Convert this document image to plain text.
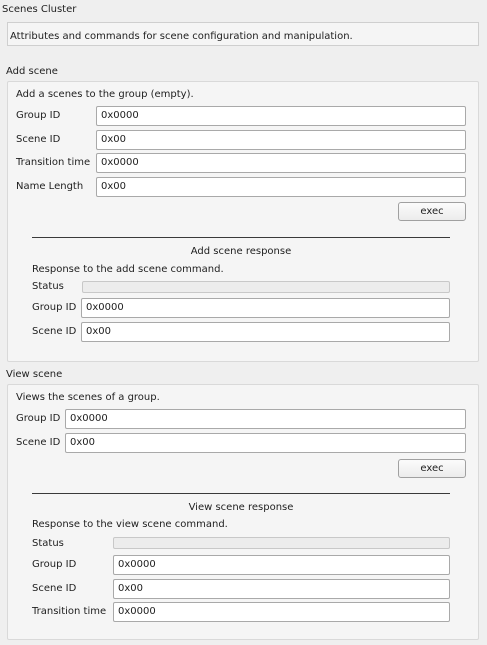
Scenes Cluster
Attributes and commands for scene configuration and manipulation.
Add scene
Add a scenes to the group (empty).
Group ID	0x0000
Scene ID	0x00
Transition time	0x0000
Name Length	0x00
exec
Add scene response
Response to the add scene command.
Status
Group ID 0x0000
Scene ID 0x00
View scene
Views the scenes of a group.
Group ID 0x0000
Scene ID 0x00
exec
View scene response
Response to the view scene command.
Status
Group ID	0x0000
Scene ID	0x00
Transition time	0x0000
